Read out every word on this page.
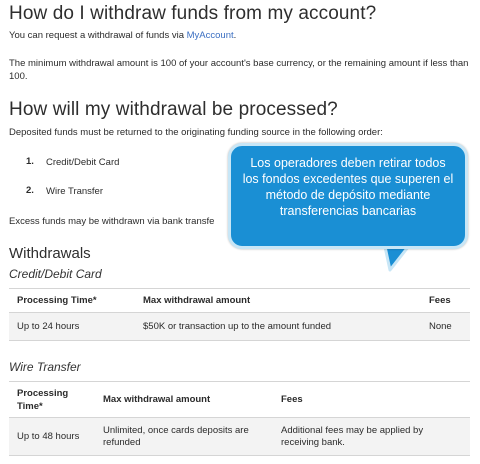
How do I withdraw funds from my account?
You can request a withdrawal of funds via MyAccount.
The minimum withdrawal amount is 100 of your account's base currency, or the remaining amount if less than 100.
How will my withdrawal be processed?
Deposited funds must be returned to the originating funding source in the following order:
1. Credit/Debit Card
2. Wire Transfer
Excess funds may be withdrawn via bank transfe
Withdrawals
Credit/Debit Card
Processing Time*	Max withdrawal amount	Fees
Up to 24 hours	$50K or transaction up to the amount funded	None
Wire Transfer
Processing Time*	Max withdrawal amount	Fees
Up to 48 hours	Unlimited, once cards deposits are refunded	Additional fees may be applied by receiving bank.
Los operadores deben retirar todos los fondos excedentes que superen el método de depósito mediante transferencias bancarias
